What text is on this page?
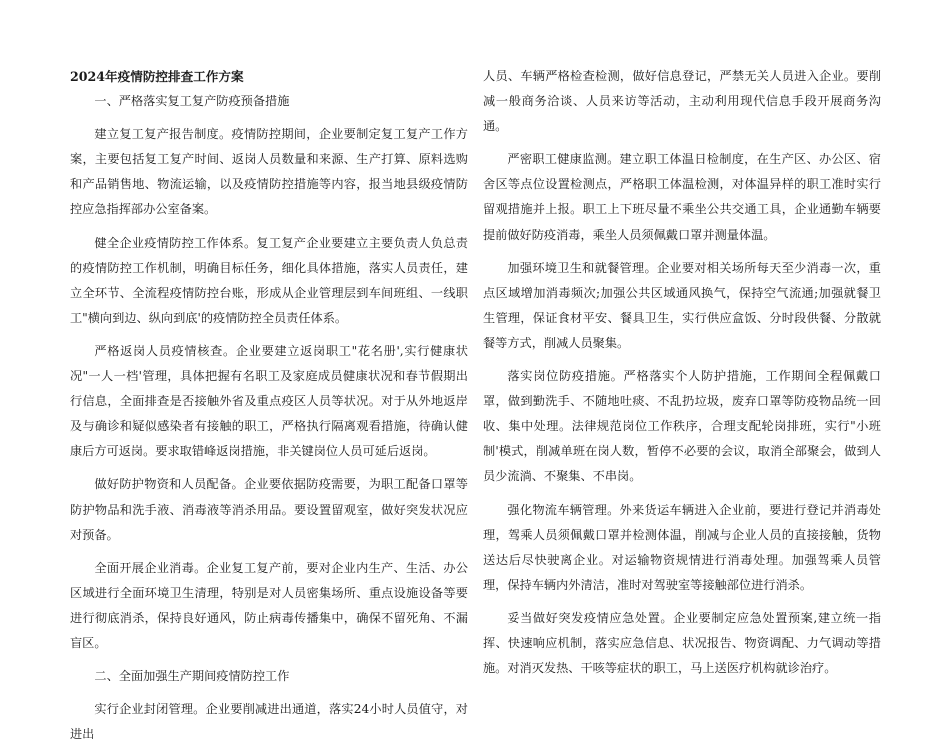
2024年疫情防控排查工作方案

一、严格落实复工复产防疫预备措施

建立复工复产报告制度。疫情防控期间，企业要制定复工复产工作方案，主要包括复工复产时间、返岗人员数量和来源、生产打算、原料选购和产品销售地、物流运输，以及疫情防控措施等内容，报当地县级疫情防控应急指挥部办公室备案。

健全企业疫情防控工作体系。复工复产企业要建立主要负责人负总责的疫情防控工作机制，明确目标任务，细化具体措施，落实人员责任，建立全环节、全流程疫情防控台账，形成从企业管理层到车间班组、一线职工"横向到边、纵向到底'的疫情防控全员责任体系。

严格返岗人员疫情核查。企业要建立返岗职工"花名册',实行健康状况"一人一档'管理，具体把握有名职工及家庭成员健康状况和春节假期出行信息，全面排查是否接触外省及重点疫区人员等状况。对于从外地返岸及与确诊和疑似感染者有接触的职工，严格执行隔离观看措施，待确认健康后方可返岗。要求取错峰返岗措施，非关键岗位人员可延后返岗。

做好防护物资和人员配备。企业要依据防疫需要，为职工配备口罩等防护物品和洗手液、消毒液等消杀用品。要设置留观室，做好突发状况应对预备。

全面开展企业消毒。企业复工复产前，要对企业内生产、生活、办公区域进行全面环境卫生清理，特别是对人员密集场所、重点设施设备等要进行彻底消杀，保持良好通风，防止病毒传播集中，确保不留死角、不漏盲区。

二、全面加强生产期间疫情防控工作

实行企业封闭管理。企业要削减进出通道，落实24小时人员值守，对进出

人员、车辆严格检查检测，做好信息登记，严禁无关人员进入企业。要削减一般商务洽谈、人员来访等活动，主动利用现代信息手段开展商务沟通。

严密职工健康监测。建立职工体温日检制度，在生产区、办公区、宿舍区等点位设置检测点，严格职工体温检测，对体温异样的职工准时实行留观措施并上报。职工上下班尽量不乘坐公共交通工具，企业通勤车辆要提前做好防疫消毒，乘坐人员须佩戴口罩并测量体温。

加强环境卫生和就餐管理。企业要对相关场所每天至少消毒一次，重点区域增加消毒频次;加强公共区域通风换气，保持空气流通;加强就餐卫生管理，保证食材平安、餐具卫生，实行供应盒饭、分时段供餐、分散就餐等方式，削减人员聚集。

落实岗位防疫措施。严格落实个人防护措施，工作期间全程佩戴口罩，做到勤洗手、不随地吐痰、不乱扔垃圾，废弃口罩等防疫物品统一回收、集中处理。法律规范岗位工作秩序，合理支配轮岗排班，实行"小班制'模式，削减单班在岗人数，暂停不必要的会议，取消全部聚会，做到人员少流淌、不聚集、不串岗。

强化物流车辆管理。外来货运车辆进入企业前，要进行登记并消毒处理，驾乘人员须佩戴口罩并检测体温，削减与企业人员的直接接触，货物送达后尽快驶离企业。对运输物资规情进行消毒处理。加强驾乘人员管理，保持车辆内外清洁，准时对驾驶室等接触部位进行消杀。

妥当做好突发疫情应急处置。企业要制定应急处置预案,建立统一指挥、快速响应机制，落实应急信息、状况报告、物资调配、力气调动等措施。对消灭发热、干咳等症状的职工，马上送医疗机构就诊治疗。
